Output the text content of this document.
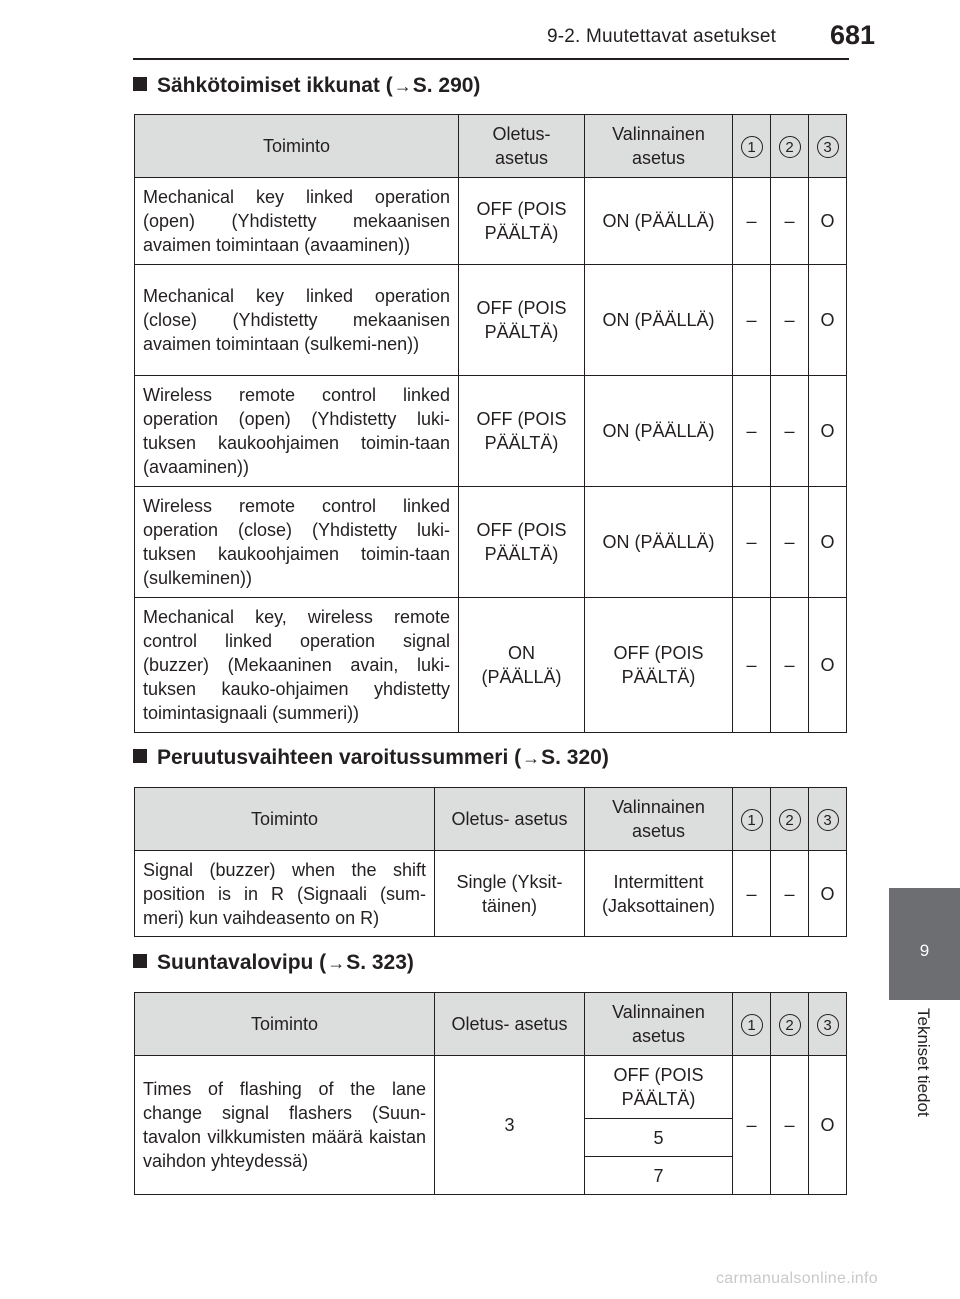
9-2. Muutettavat asetukset 681
9
Tekniset tiedot
Sähkötoimiset ikkunat (→S. 290)
Toiminto	Oletus- asetus	Valinnainen asetus	1	2	3
Mechanical key linked operation (open) (Yhdistetty mekaanisen avaimen toimintaan (avaaminen))	OFF (POIS PÄÄLTÄ)	ON (PÄÄLLÄ)	–	–	O
Mechanical key linked operation (close) (Yhdistetty mekaanisen avaimen toimintaan (sulkemi-nen))	OFF (POIS PÄÄLTÄ)	ON (PÄÄLLÄ)	–	–	O
Wireless remote control linked operation (open) (Yhdistetty luki-tuksen kaukoohjaimen toimin-taan (avaaminen))	OFF (POIS PÄÄLTÄ)	ON (PÄÄLLÄ)	–	–	O
Wireless remote control linked operation (close) (Yhdistetty luki-tuksen kaukoohjaimen toimin-taan (sulkeminen))	OFF (POIS PÄÄLTÄ)	ON (PÄÄLLÄ)	–	–	O
Mechanical key, wireless remote control linked operation signal (buzzer) (Mekaaninen avain, luki-tuksen kauko-ohjaimen yhdistetty toimintasignaali (summeri))	ON (PÄÄLLÄ)	OFF (POIS PÄÄLTÄ)	–	–	O
Peruutusvaihteen varoitussummeri (→S. 320)
Toiminto	Oletus- asetus	Valinnainen asetus	1	2	3
Signal (buzzer) when the shift position is in R (Signaali (sum-meri) kun vaihdeasento on R)	Single (Yksit-täinen)	Intermittent (Jaksottainen)	–	–	O
Suuntavalovipu (→S. 323)
Toiminto	Oletus- asetus	Valinnainen asetus	1	2	3
Times of flashing of the lane change signal flashers (Suun-tavalon vilkkumisten määrä kaistan vaihdon yhteydessä)	3	OFF (POIS PÄÄLTÄ)	–	–	O
		5			
		7			
carmanualsonline.info
